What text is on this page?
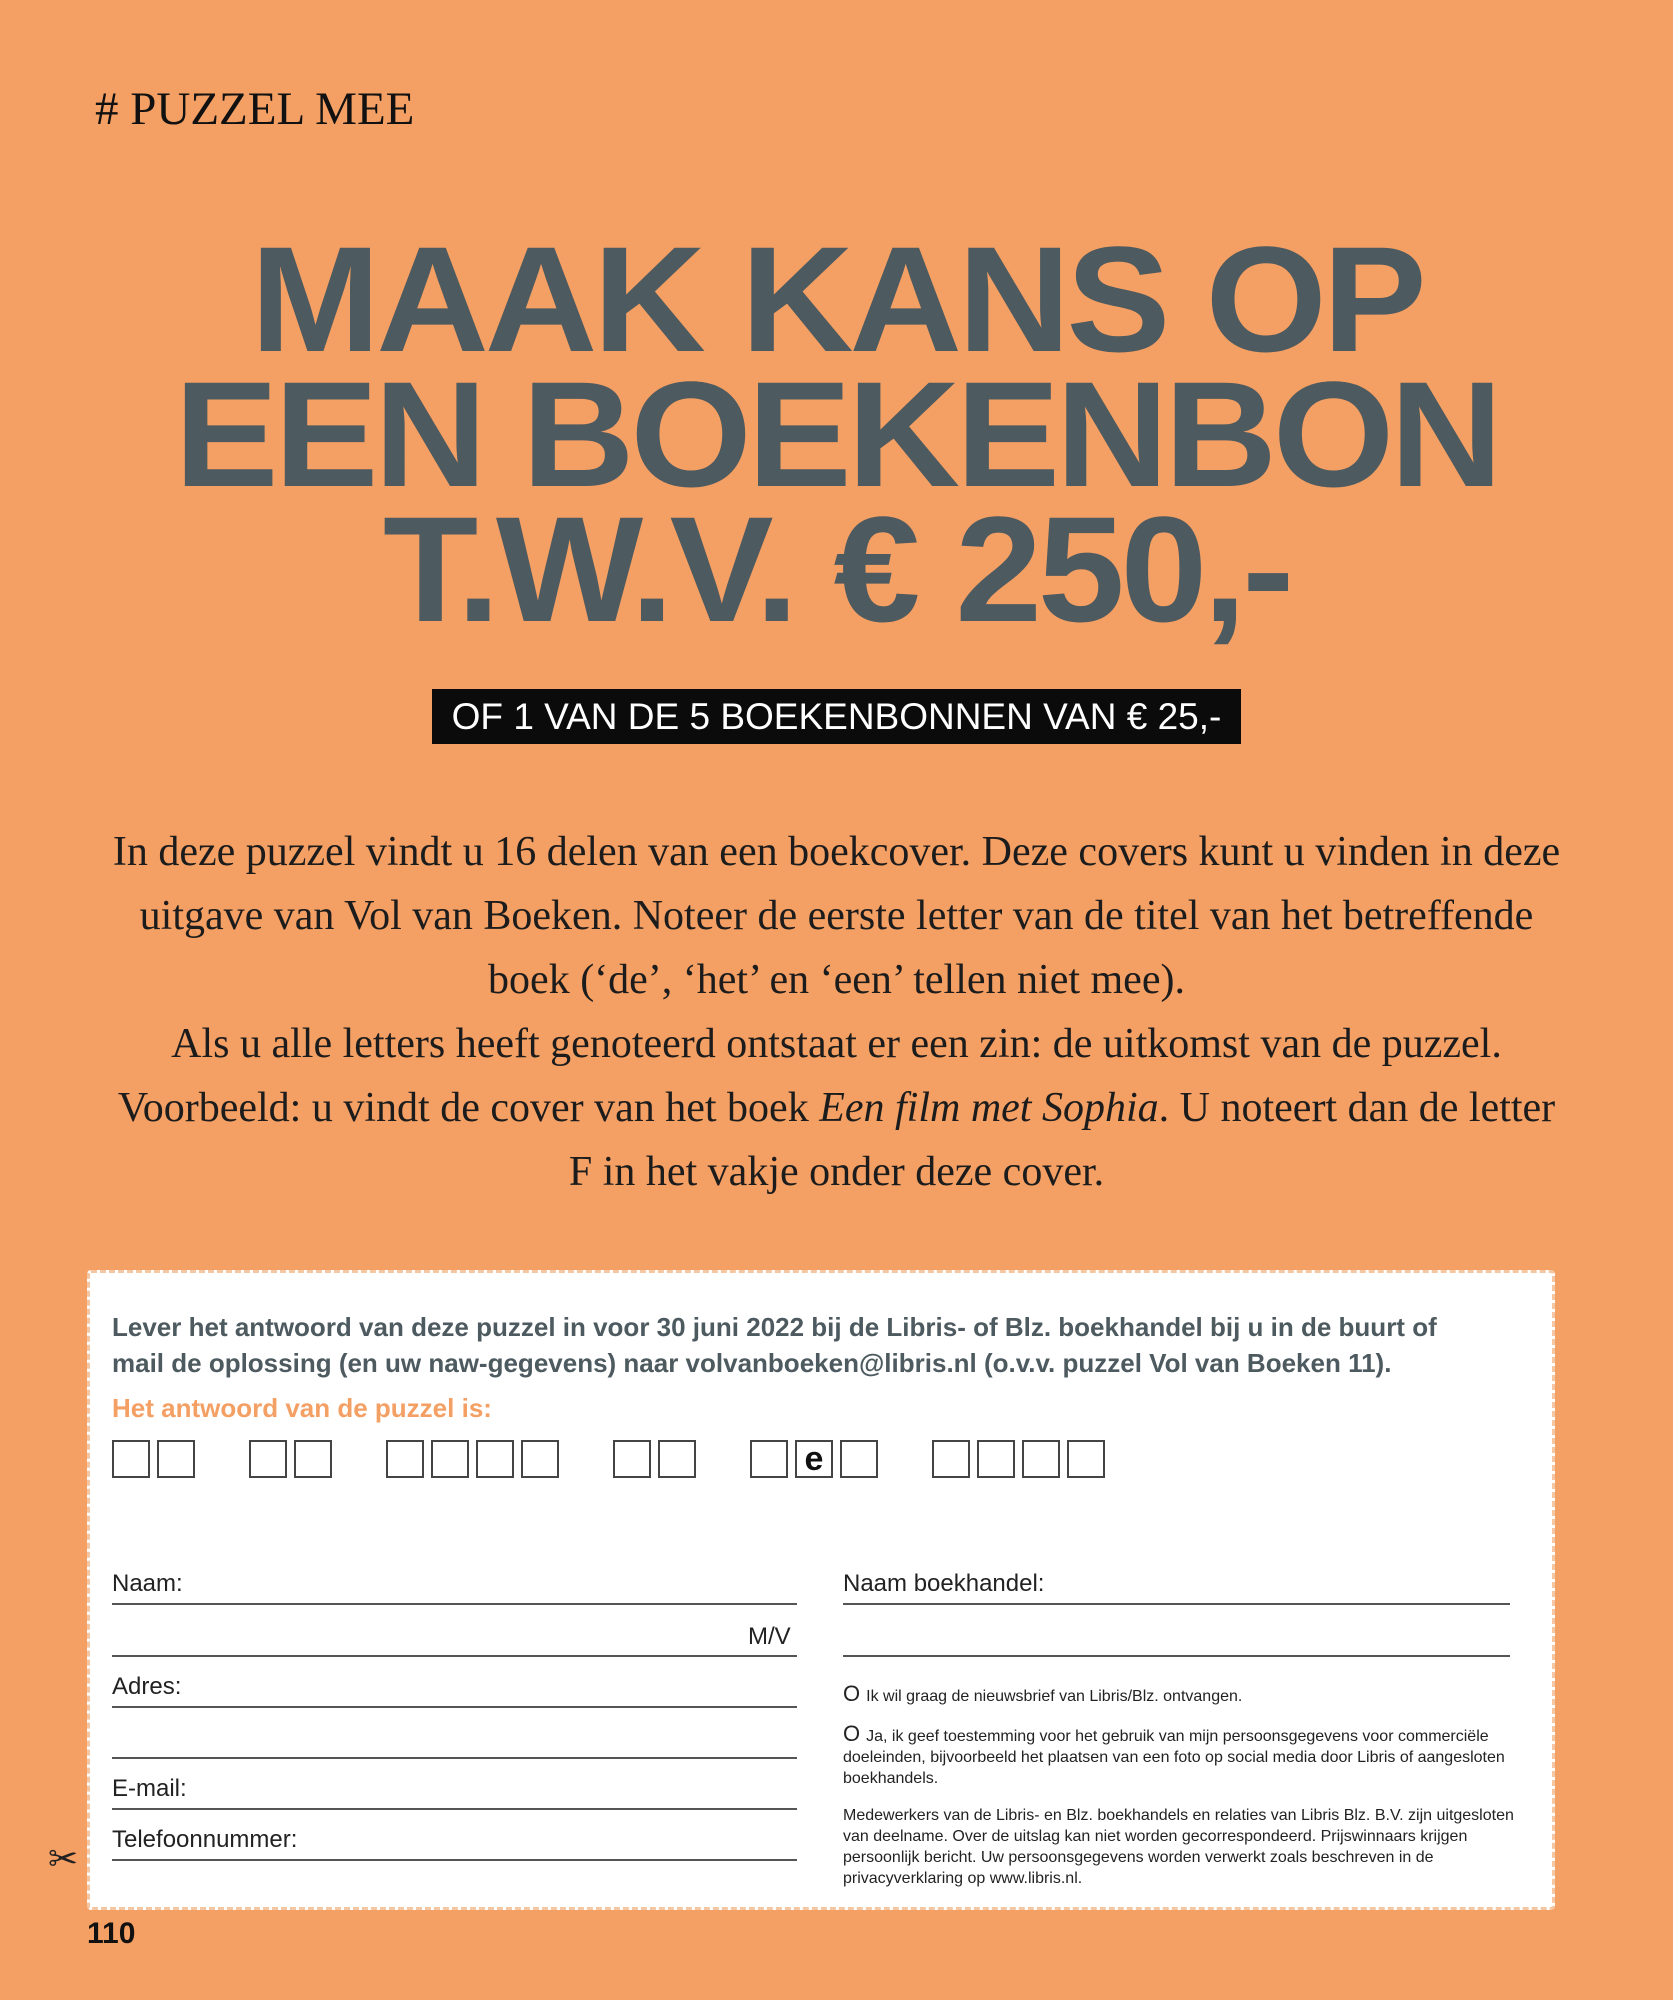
# PUZZEL MEE
MAAK KANS OP
EEN BOEKENBON
T.W.V. € 250,-
OF 1 VAN DE 5 BOEKENBONNEN VAN € 25,-

In deze puzzel vindt u 16 delen van een boekcover. Deze covers kunt u vinden in deze uitgave van Vol van Boeken. Noteer de eerste letter van de titel van het betreffende boek (‘de’, ‘het’ en ‘een’ tellen niet mee).

Als u alle letters heeft genoteerd ontstaat er een zin: de uitkomst van de puzzel.

Voorbeeld: u vindt de cover van het boek Een film met Sophia. U noteert dan de letter F in het vakje onder deze cover.

Lever het antwoord van deze puzzel in voor 30 juni 2022 bij de Libris- of Blz. boekhandel bij u in de buurt of

mail de oplossing (en uw naw-gegevens) naar volvanboeken@libris.nl (o.v.v. puzzel Vol van Boeken 11).

Het antwoord van de puzzel is:
e
Naam:
M/V
Adres:
E-mail:
Telefoonnummer:
Naam boekhandel:
O Ik wil graag de nieuwsbrief van Libris/Blz. ontvangen.
O Ja, ik geef toestemming voor het gebruik van mijn persoonsgegevens voor commerciële doeleinden, bijvoorbeeld het plaatsen van een foto op social media door Libris of aangesloten boekhandels.
Medewerkers van de Libris- en Blz. boekhandels en relaties van Libris Blz. B.V. zijn uitgesloten van deelname. Over de uitslag kan niet worden gecorrespondeerd. Prijswinnaars krijgen persoonlijk bericht. Uw persoonsgegevens worden verwerkt zoals beschreven in de privacyverklaring op www.libris.nl.
✂
110
